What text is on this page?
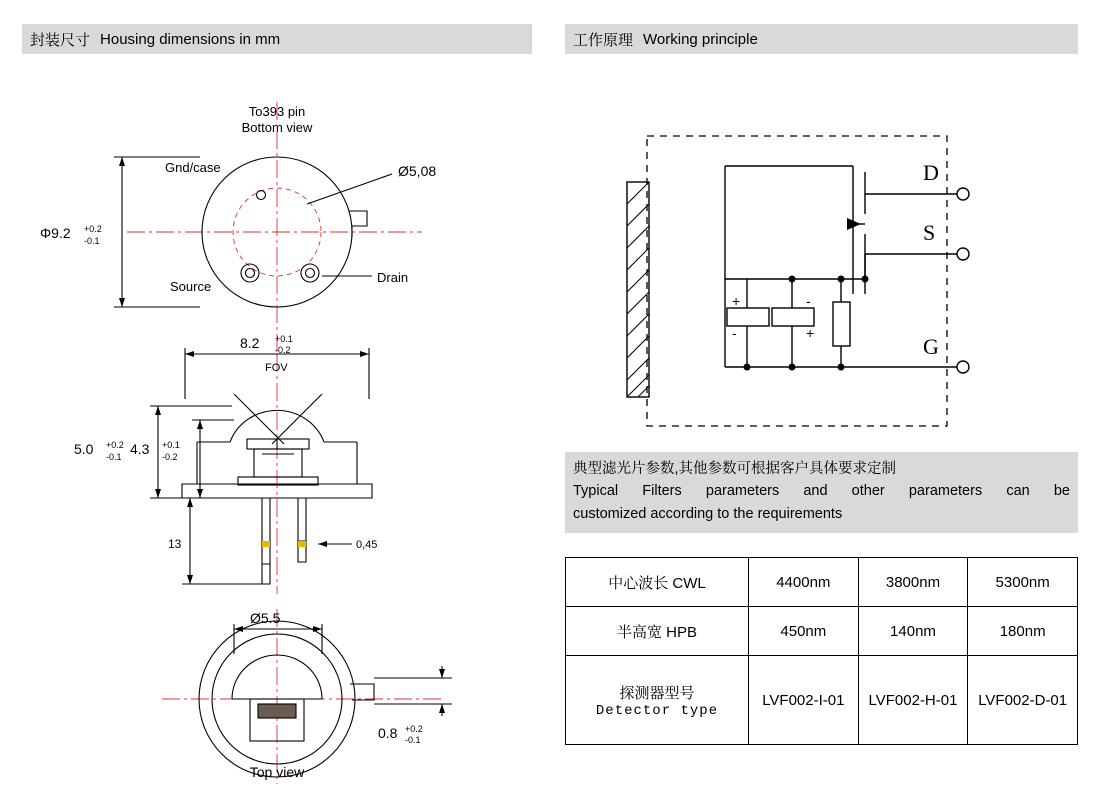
封装尺寸 Housing dimensions in mm
To393 pin
Bottom view
Ø5,08
Gnd/case
Source
Drain
Φ9.2 +0.2
-0.1
8.2 +0.1
-0.2
FOV
5.0 +0.2
-0.1 4.3 +0.1
-0.2
13	0,45
Ø5.5
0.8 +0.2
-0.1
Top view
工作原理 Working principle
+
-
-
+
D
S
G
典型滤光片参数,其他参数可根据客户具体要求定制
Typical Filters parameters and other parameters can be
customized according to the requirements
中心波长 CWL	4400nm	3800nm	5300nm
半高宽 HPB	450nm	140nm	180nm

探测器型号
Detector type	LVF002-I-01	LVF002-H-01	LVF002-D-01
